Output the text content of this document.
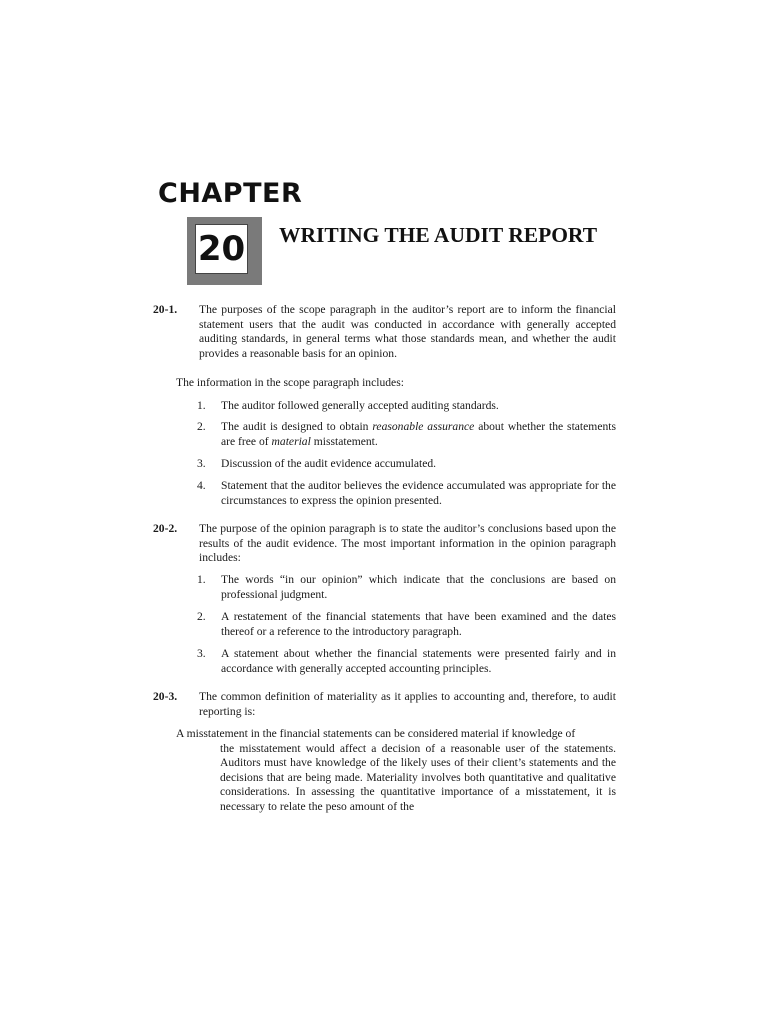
CHAPTER
20 WRITING THE AUDIT REPORT
20-1. The purposes of the scope paragraph in the auditor’s report are to inform the financial statement users that the audit was conducted in accordance with generally accepted auditing standards, in general terms what those standards mean, and whether the audit provides a reasonable basis for an opinion.
The information in the scope paragraph includes:
1. The auditor followed generally accepted auditing standards.
2. The audit is designed to obtain reasonable assurance about whether the statements are free of material misstatement.
3. Discussion of the audit evidence accumulated.
4. Statement that the auditor believes the evidence accumulated was appropriate for the circumstances to express the opinion presented.
20-2. The purpose of the opinion paragraph is to state the auditor’s conclusions based upon the results of the audit evidence. The most important information in the opinion paragraph includes:
1. The words “in our opinion” which indicate that the conclusions are based on professional judgment.
2. A restatement of the financial statements that have been examined and the dates thereof or a reference to the introductory paragraph.
3. A statement about whether the financial statements were presented fairly and in accordance with generally accepted accounting principles.
20-3. The common definition of materiality as it applies to accounting and, therefore, to audit reporting is:
A misstatement in the financial statements can be considered material if knowledge of
the misstatement would affect a decision of a reasonable user of the statements. Auditors must have knowledge of the likely uses of their client’s statements and the decisions that are being made. Materiality involves both quantitative and qualitative considerations. In assessing the quantitative importance of a misstatement, it is necessary to relate the peso amount of the
